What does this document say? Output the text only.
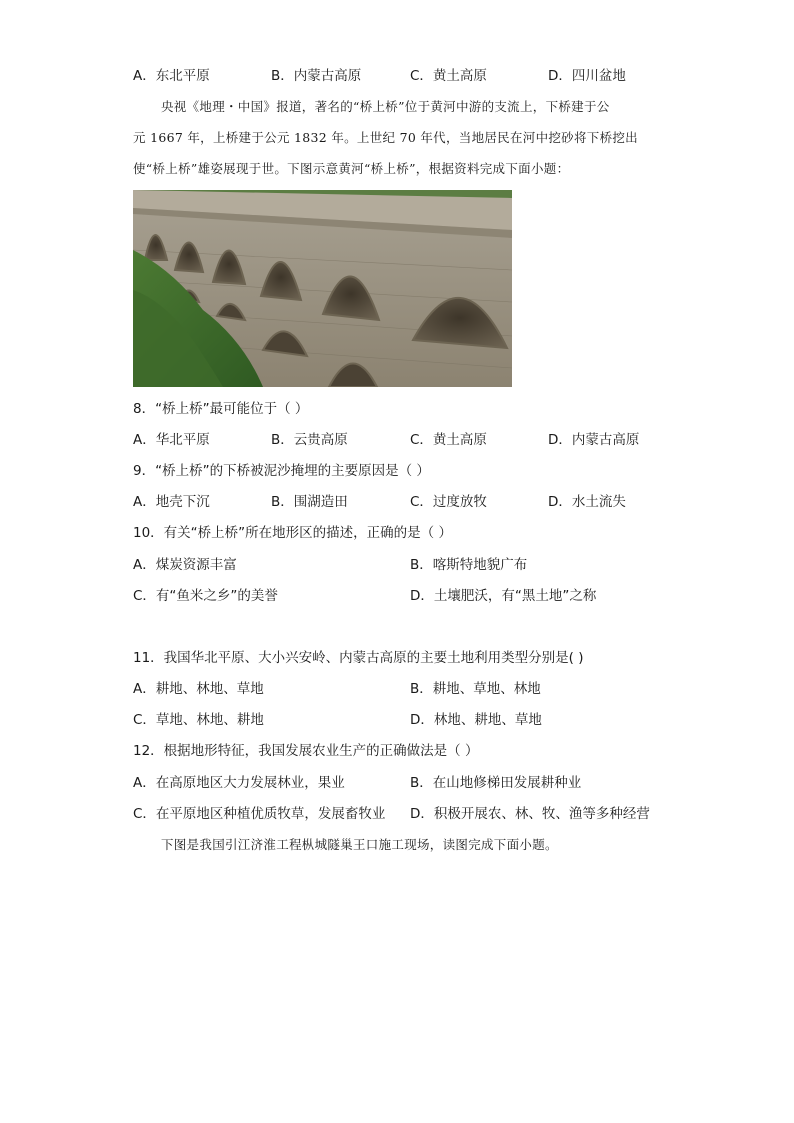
A．东北平原	B．内蒙古高原	C．黄土高原	D．四川盆地

央视《地理・中国》报道，著名的“桥上桥”位于黄河中游的支流上，下桥建于公

元 1667 年，上桥建于公元 1832 年。上世纪 70 年代，当地居民在河中挖砂将下桥挖出

使“桥上桥”雄姿展现于世。下图示意黄河“桥上桥”，根据资料完成下面小题：

8．“桥上桥”最可能位于（ ）
A．华北平原	B．云贵高原	C．黄土高原	D．内蒙古高原
9．“桥上桥”的下桥被泥沙掩埋的主要原因是（ ）
A．地壳下沉	B．围湖造田	C．过度放牧	D．水土流失
10．有关“桥上桥”所在地形区的描述，正确的是（ ）
A．煤炭资源丰富	B．喀斯特地貌广布
C．有“鱼米之乡”的美誉	D．土壤肥沃，有“黑土地”之称
11．我国华北平原、大小兴安岭、内蒙古高原的主要土地利用类型分别是( )
A．耕地、林地、草地	B．耕地、草地、林地
C．草地、林地、耕地	D．林地、耕地、草地
12．根据地形特征，我国发展农业生产的正确做法是（ ）
A．在高原地区大力发展林业，果业	B．在山地修梯田发展耕种业
C．在平原地区种植优质牧草，发展畜牧业 D．积极开展农、林、牧、渔等多种经营
下图是我国引江济淮工程枞城隧巢王口施工现场，读图完成下面小题。
